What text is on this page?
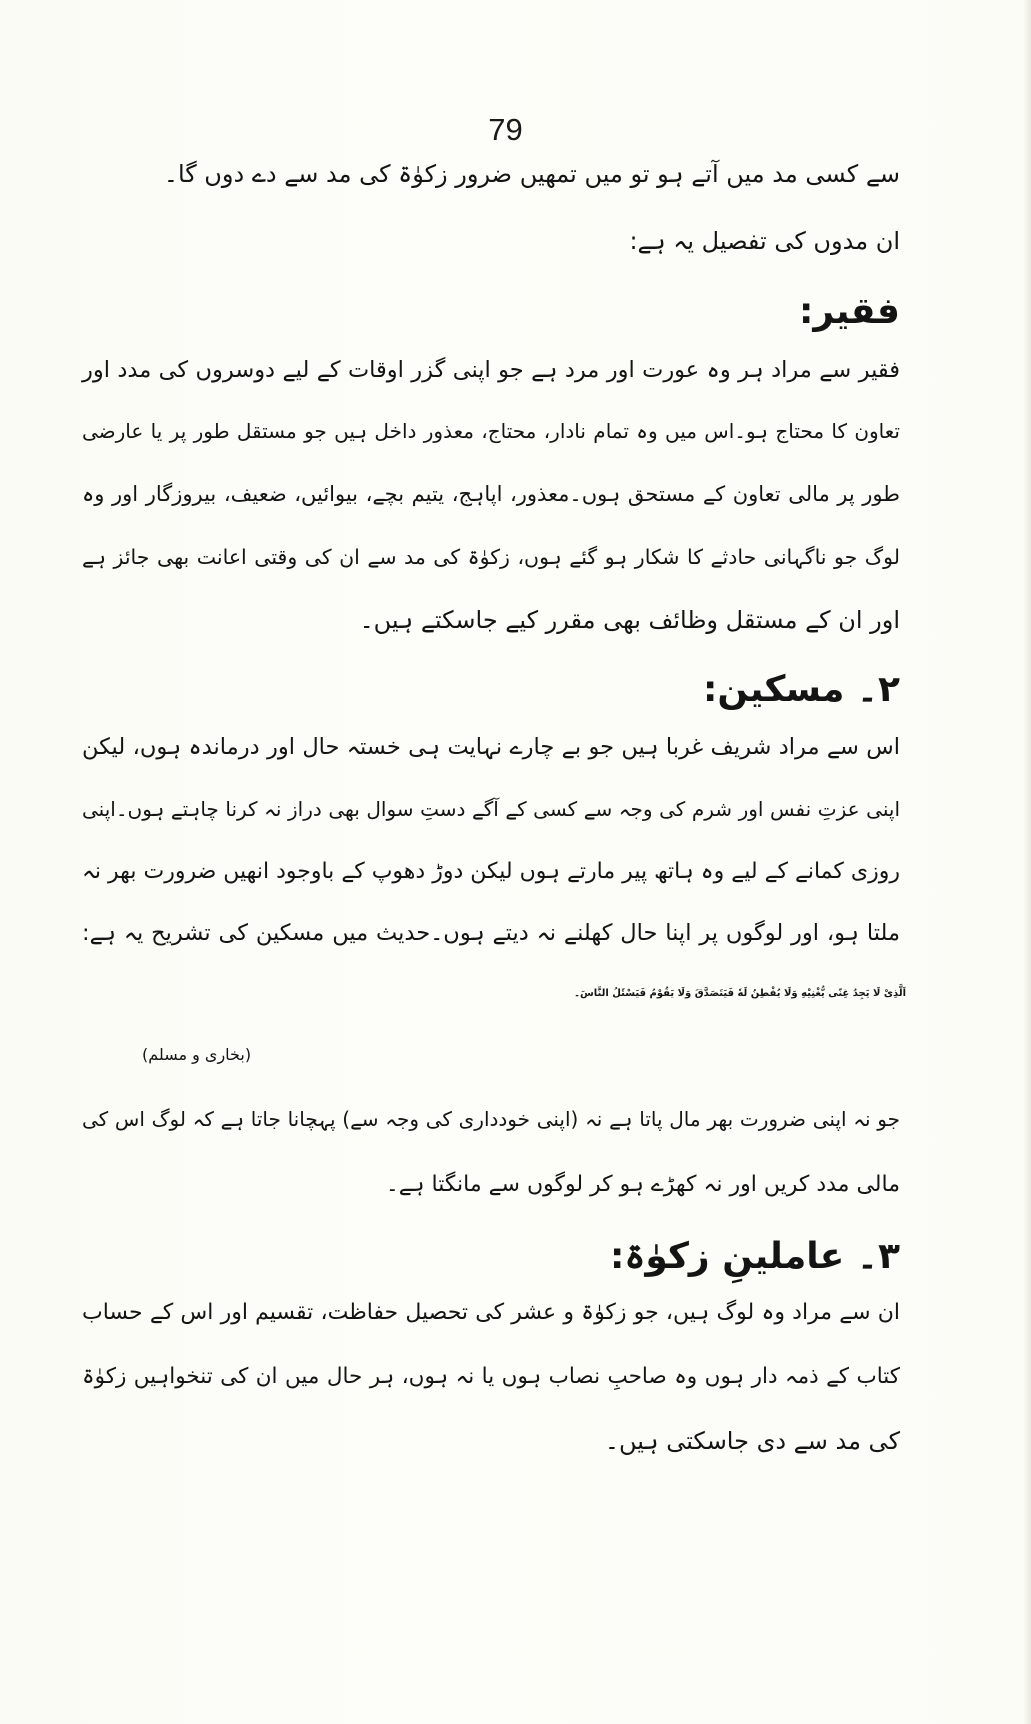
79
سے کسی مد میں آتے ہو تو میں تمھیں ضرور زکوٰۃ کی مد سے دے دوں گا۔
ان مدوں کی تفصیل یہ ہے:
فقیر:
فقیر سے مراد ہر وہ عورت اور مرد ہے جو اپنی گزر اوقات کے لیے دوسروں کی مدد اور
تعاون کا محتاج ہو۔اس میں وہ تمام نادار، محتاج، معذور داخل ہیں جو مستقل طور پر یا عارضی
طور پر مالی تعاون کے مستحق ہوں۔معذور، اپاہج، یتیم بچے، بیوائیں، ضعیف، بیروزگار اور وہ
لوگ جو ناگہانی حادثے کا شکار ہو گئے ہوں، زکوٰۃ کی مد سے ان کی وقتی اعانت بھی جائز ہے
اور ان کے مستقل وظائف بھی مقرر کیے جاسکتے ہیں۔
۲۔ مسکین:
اس سے مراد شریف غربا ہیں جو بے چارے نہایت ہی خستہ حال اور درماندہ ہوں، لیکن
اپنی عزتِ نفس اور شرم کی وجہ سے کسی کے آگے دستِ سوال بھی دراز نہ کرنا چاہتے ہوں۔اپنی
روزی کمانے کے لیے وہ ہاتھ پیر مارتے ہوں لیکن دوڑ دھوپ کے باوجود انھیں ضرورت بھر نہ
ملتا ہو، اور لوگوں پر اپنا حال کھلنے نہ دیتے ہوں۔حدیث میں مسکین کی تشریح یہ ہے:
اَلَّذِیْ لَا یَجِدُ غِنًی یُّغْنِیْهِ وَلَا یُفْطِنُ لَهٗ فَیَتَصَدَّقَ وَلَا یَقُوْمُ فَیَسْئَلُ النَّاسَ۔
(بخاری و مسلم)
جو نہ اپنی ضرورت بھر مال پاتا ہے نہ (اپنی خودداری کی وجہ سے) پہچانا جاتا ہے کہ لوگ اس کی
مالی مدد کریں اور نہ کھڑے ہو کر لوگوں سے مانگتا ہے۔
۳۔ عاملینِ زکوٰۃ:
ان سے مراد وہ لوگ ہیں، جو زکوٰۃ و عشر کی تحصیل حفاظت، تقسیم اور اس کے حساب
کتاب کے ذمہ دار ہوں وہ صاحبِ نصاب ہوں یا نہ ہوں، ہر حال میں ان کی تنخواہیں زکوٰۃ
کی مد سے دی جاسکتی ہیں۔
